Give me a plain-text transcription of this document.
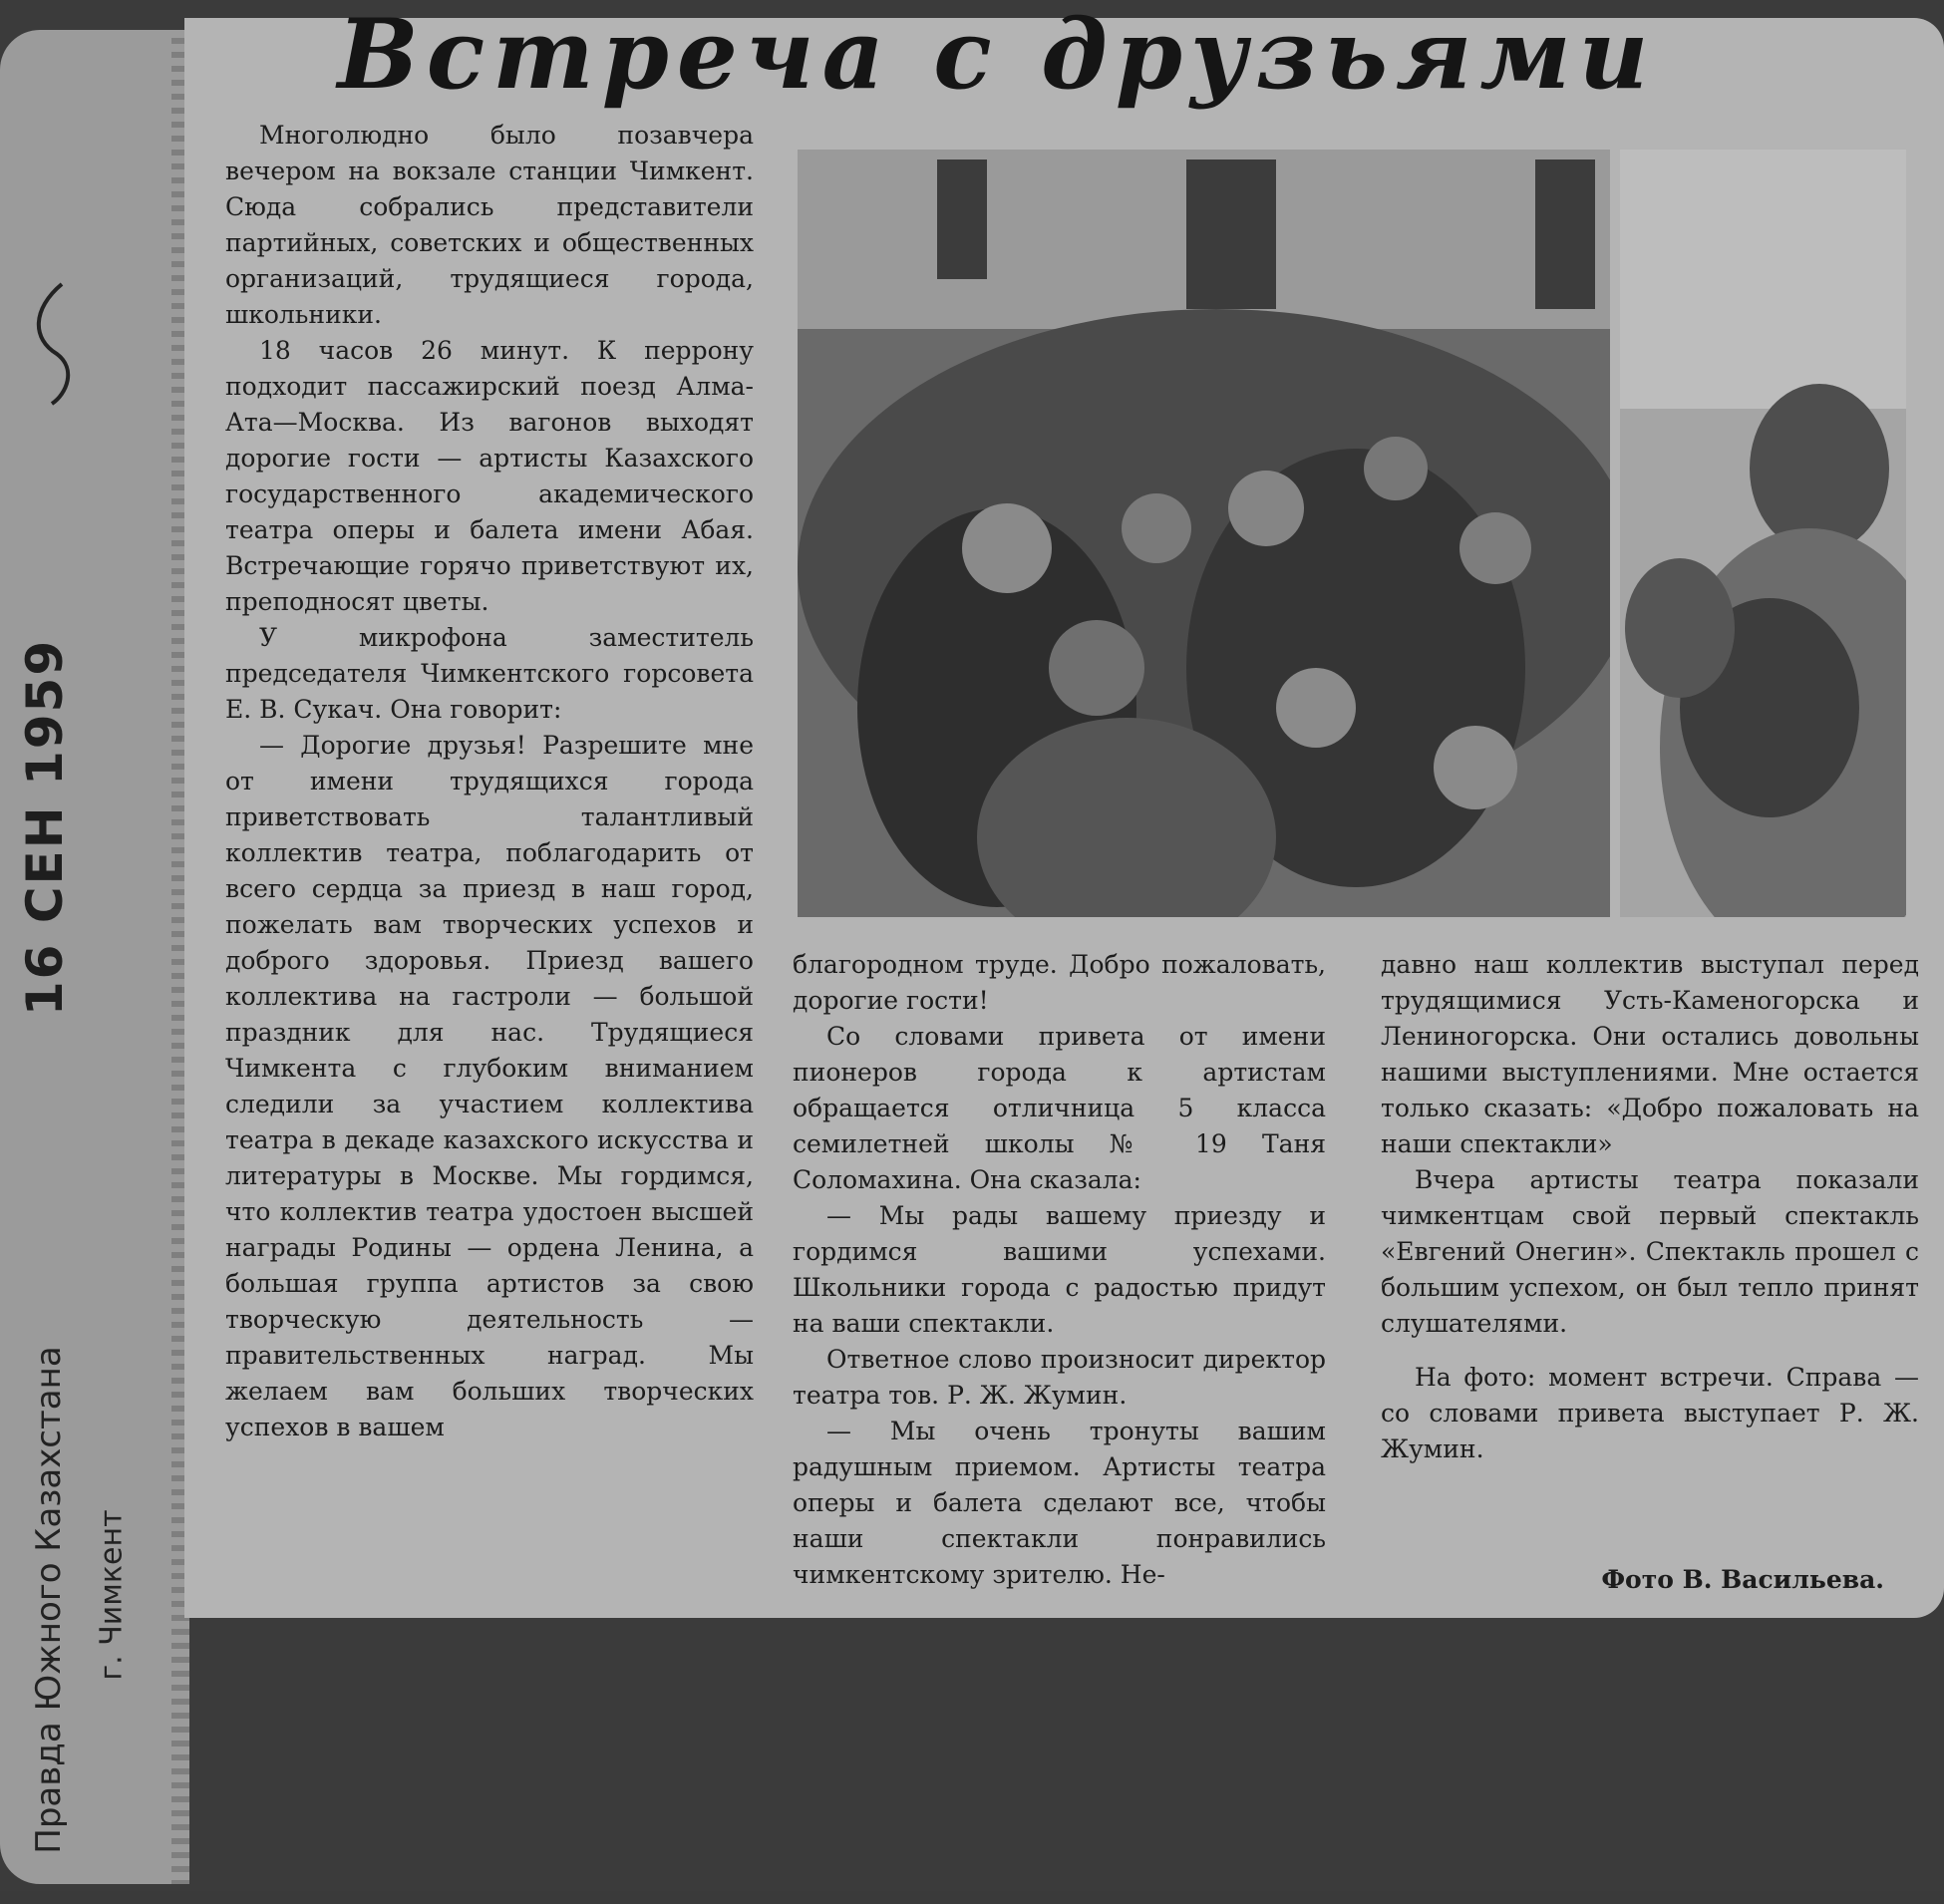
16 СЕН 1959
Правда Южного Казахстана г. Чимкент
Встреча с друзьями

Многолюдно было позавчера вечером на вокзале станции Чимкент. Сюда собрались представители партийных, советских и общественных организаций, трудящиеся города, школьники.

18 часов 26 минут. К перрону подходит пассажирский поезд Алма-Ата—Москва. Из вагонов выходят дорогие гости — артисты Казахского государственного академического театра оперы и балета имени Абая. Встречающие горячо приветствуют их, преподносят цветы.

У микрофона заместитель председателя Чимкентского горсовета Е. В. Сукач. Она говорит:

— Дорогие друзья! Разрешите мне от имени трудящихся города приветствовать талантливый коллектив театра, поблагодарить от всего сердца за приезд в наш город, пожелать вам творческих успехов и доброго здоровья. Приезд вашего коллектива на гастроли — большой праздник для нас. Трудящиеся Чимкента с глубоким вниманием следили за участием коллектива театра в декаде казахского искусства и литературы в Москве. Мы гордимся, что коллектив театра удостоен высшей награды Родины — ордена Ленина, а большая группа артистов за свою творческую деятельность — правительственных наград. Мы желаем вам больших творческих успехов в вашем

благородном труде. Добро пожаловать, дорогие гости!

Со словами привета от имени пионеров города к артистам обращается отличница 5 класса семилетней школы № 19 Таня Соломахина. Она сказала:

— Мы рады вашему приезду и гордимся вашими успехами. Школьники города с радостью придут на ваши спектакли.

Ответное слово произносит директор театра тов. Р. Ж. Жумин.

— Мы очень тронуты вашим радушным приемом. Артисты театра оперы и балета сделают все, чтобы наши спектакли понравились чимкентскому зрителю. Не-

давно наш коллектив выступал перед трудящимися Усть-Каменогорска и Лениногорска. Они остались довольны нашими выступлениями. Мне остается только сказать: «Добро пожаловать на наши спектакли»

Вчера артисты театра показали чимкентцам свой первый спектакль «Евгений Онегин». Спектакль прошел с большим успехом, он был тепло принят слушателями.

На фото: момент встречи. Справа — со словами привета выступает Р. Ж. Жумин.

Фото В. Васильева.
